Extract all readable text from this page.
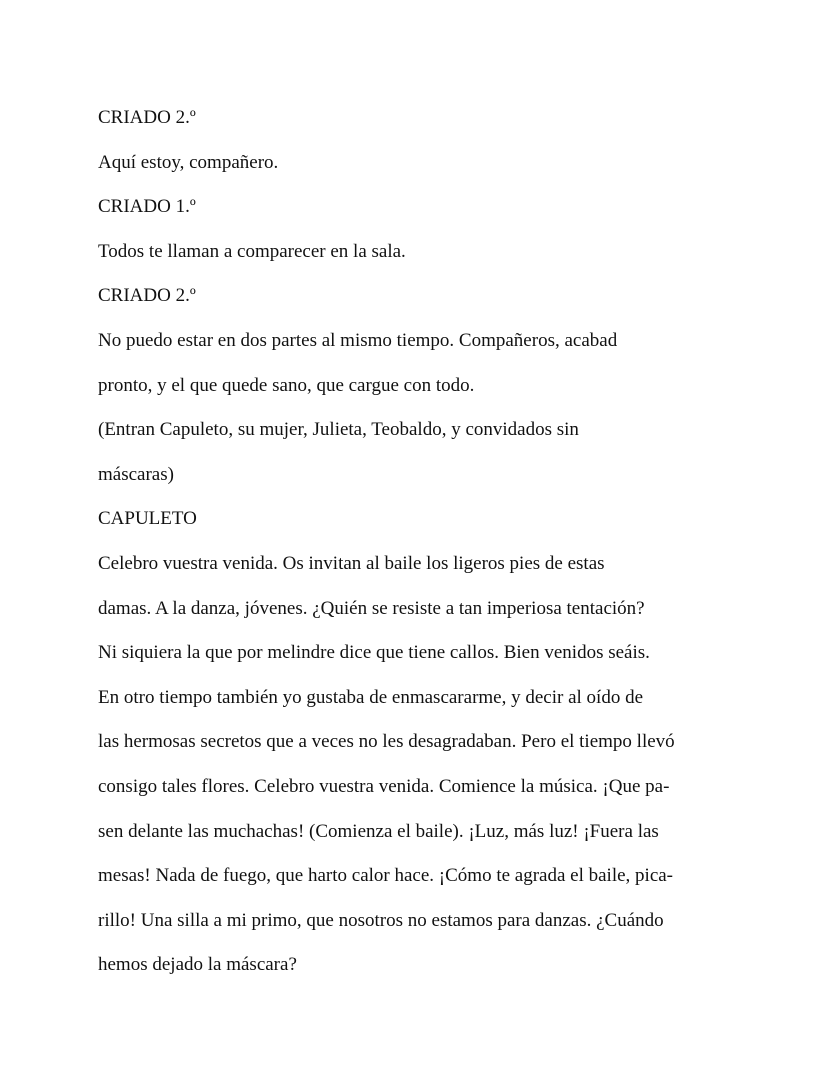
CRIADO 2.º
Aquí estoy, compañero.
CRIADO 1.º
Todos te llaman a comparecer en la sala.
CRIADO 2.º
No puedo estar en dos partes al mismo tiempo. Compañeros, acabad
pronto, y el que quede sano, que cargue con todo.
(Entran Capuleto, su mujer, Julieta, Teobaldo, y convidados sin
máscaras)
CAPULETO
Celebro vuestra venida. Os invitan al baile los ligeros pies de estas
damas. A la danza, jóvenes. ¿Quién se resiste a tan imperiosa tentación?
Ni siquiera la que por melindre dice que tiene callos. Bien venidos seáis.
En otro tiempo también yo gustaba de enmascararme, y decir al oído de
las hermosas secretos que a veces no les desagradaban. Pero el tiempo llevó
consigo tales flores. Celebro vuestra venida. Comience la música. ¡Que pa-
sen delante las muchachas! (Comienza el baile). ¡Luz, más luz! ¡Fuera las
mesas! Nada de fuego, que harto calor hace. ¡Cómo te agrada el baile, pica-
rillo! Una silla a mi primo, que nosotros no estamos para danzas. ¿Cuándo
hemos dejado la máscara?
